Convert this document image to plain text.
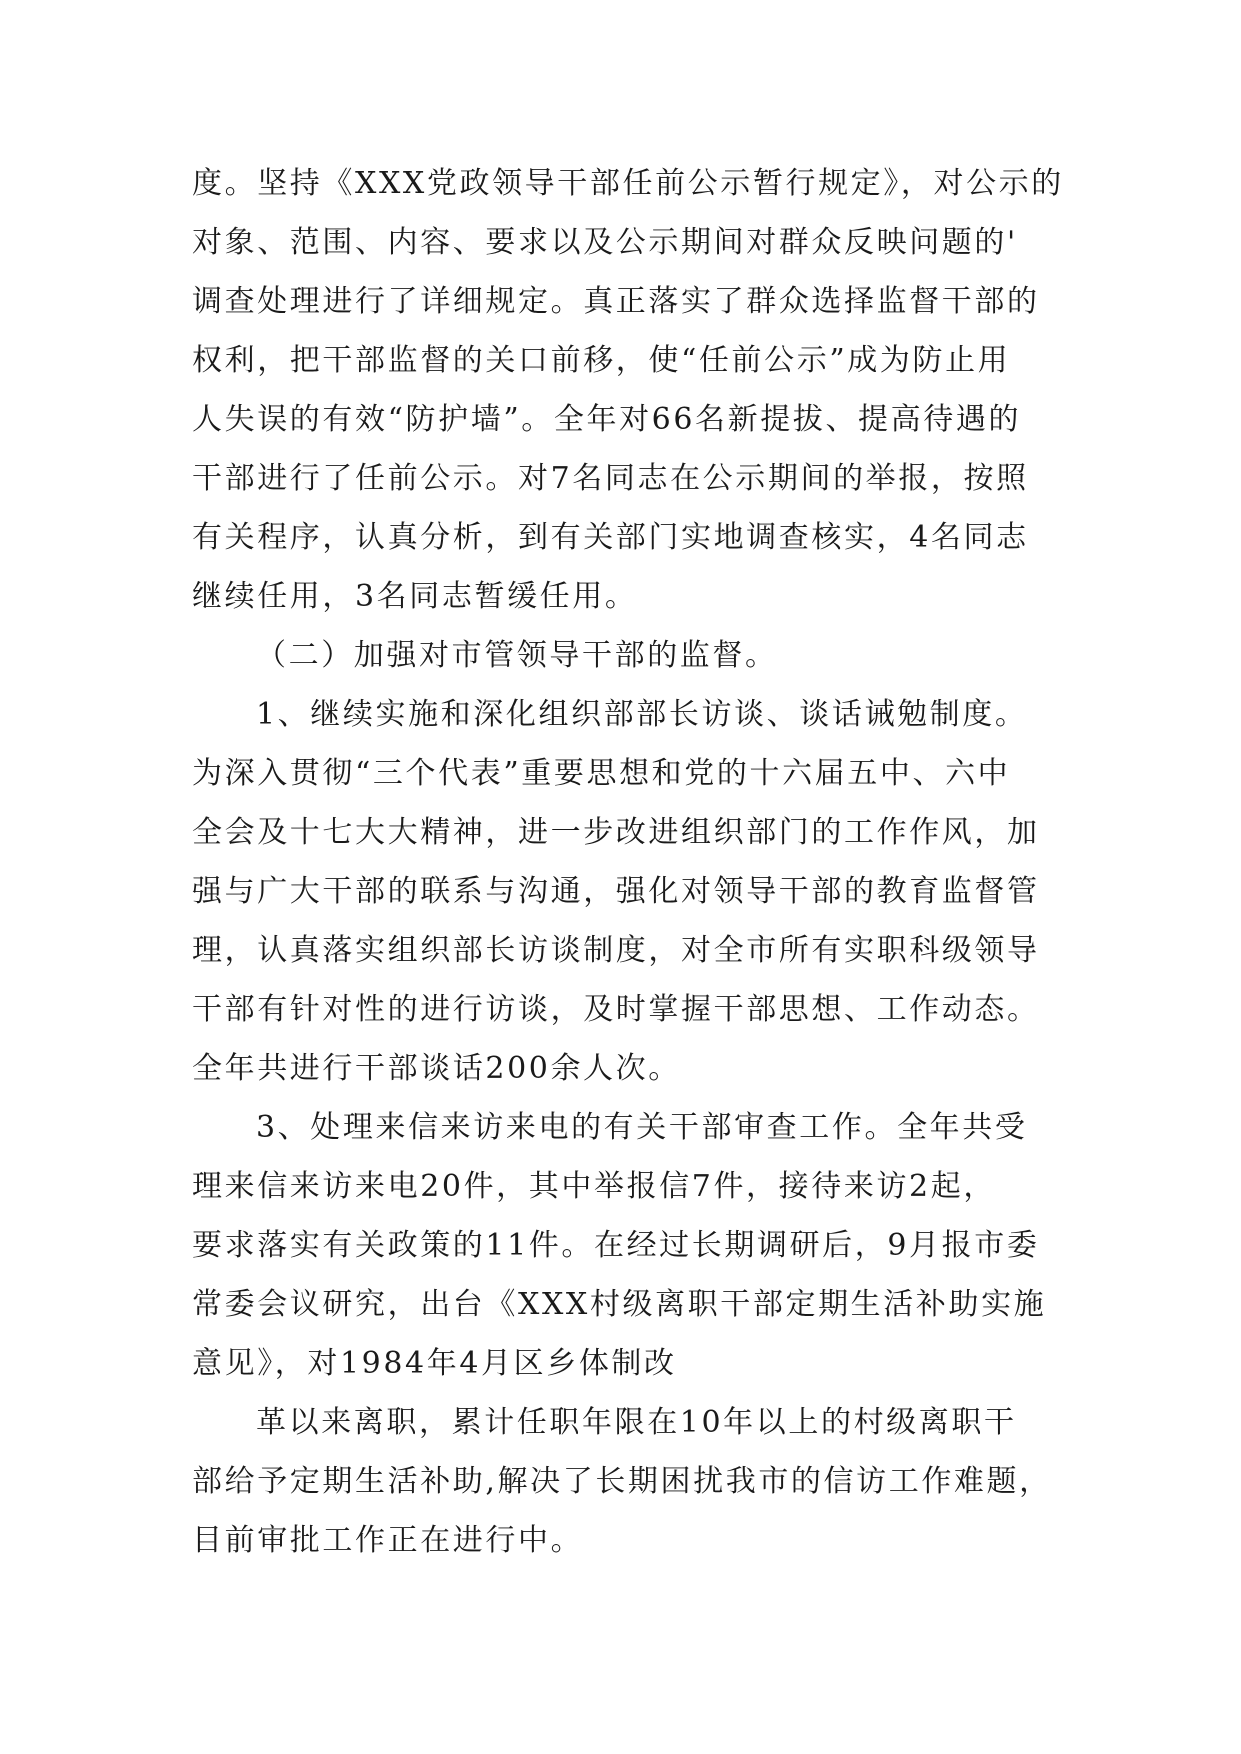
度。坚持《XXX党政领导干部任前公示暂行规定》，对公示的
对象、范围、内容、要求以及公示期间对群众反映问题的'
调查处理进行了详细规定。真正落实了群众选择监督干部的
权利，把干部监督的关口前移，使“任前公示”成为防止用
人失误的有效“防护墙”。全年对66名新提拔、提高待遇的
干部进行了任前公示。对7名同志在公示期间的举报，按照
有关程序，认真分析，到有关部门实地调查核实，4名同志
继续任用，3名同志暂缓任用。
（二）加强对市管领导干部的监督。
1、继续实施和深化组织部部长访谈、谈话诫勉制度。
为深入贯彻“三个代表”重要思想和党的十六届五中、六中
全会及十七大大精神，进一步改进组织部门的工作作风，加
强与广大干部的联系与沟通，强化对领导干部的教育监督管
理，认真落实组织部长访谈制度，对全市所有实职科级领导
干部有针对性的进行访谈，及时掌握干部思想、工作动态。
全年共进行干部谈话200余人次。
3、处理来信来访来电的有关干部审查工作。全年共受
理来信来访来电20件，其中举报信7件，接待来访2起，
要求落实有关政策的11件。在经过长期调研后，9月报市委
常委会议研究，出台《XXX村级离职干部定期生活补助实施
意见》，对1984年4月区乡体制改
革以来离职，累计任职年限在10年以上的村级离职干
部给予定期生活补助,解决了长期困扰我市的信访工作难题，
目前审批工作正在进行中。
